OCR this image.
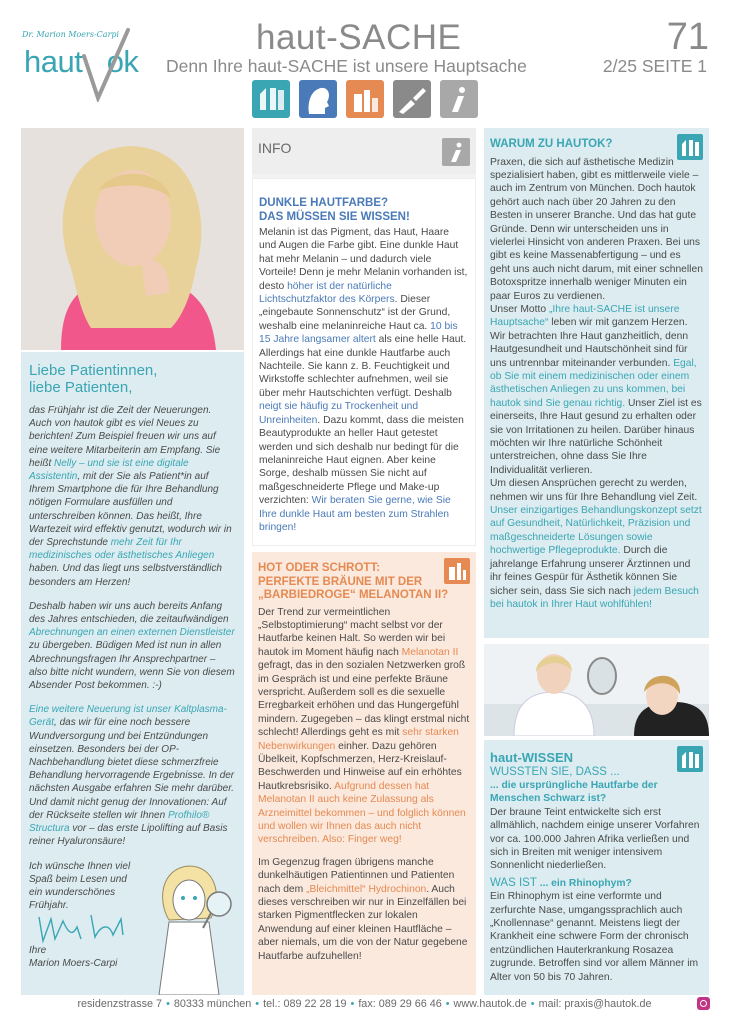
Dr. Marion Moers-Carpi
haut​   ok
haut-SACHE
Denn Ihre haut-SACHE ist unsere Hauptsache
71
2/25 SEITE 1
Liebe Patientinnen,
liebe Patienten,

das Frühjahr ist die Zeit der Neuerungen. Auch von hautok gibt es viel Neues zu berichten! Zum Beispiel freuen wir uns auf eine weitere Mitarbeiterin am Empfang. Sie heißt Nelly – und sie ist eine digitale Assistentin, mit der Sie als Patient*in auf Ihrem Smartphone die für Ihre Behandlung nötigen Formulare ausfüllen und unterschreiben können. Das heißt, Ihre Wartezeit wird effektiv genutzt, wodurch wir in der Sprechstunde mehr Zeit für Ihr medizinisches oder ästhetisches Anliegen haben. Und das liegt uns selbstverständlich besonders am Herzen!

Deshalb haben wir uns auch bereits Anfang des Jahres entschieden, die zeitaufwändigen Abrechnungen an einen externen Dienstleister zu übergeben. Büdigen Med ist nun in allen Abrechnungsfragen Ihr Ansprechpartner – also bitte nicht wundern, wenn Sie von diesem Absender Post bekommen. :-)

Eine weitere Neuerung ist unser Kaltplasma-Gerät, das wir für eine noch bessere Wundversorgung und bei Entzündungen einsetzen. Besonders bei der OP-Nachbehandlung bietet diese schmerzfreie Behandlung hervorragende Ergebnisse. In der nächsten Ausgabe erfahren Sie mehr darüber. Und damit nicht genug der Innovationen: Auf der Rückseite stellen wir Ihnen Profhilo® Structura vor – das erste Lipolifting auf Basis reiner Hyaluronsäure!

Ich wünsche Ihnen viel Spaß beim Lesen und ein wunderschönes Frühjahr.

Ihre
Marion Moers-Carpi
INFO
DUNKLE HAUTFARBE?
DAS MÜSSEN SIE WISSEN!

Melanin ist das Pigment, das Haut, Haare und Augen die Farbe gibt. Eine dunkle Haut hat mehr Melanin – und dadurch viele Vorteile! Denn je mehr Melanin vorhanden ist, desto höher ist der natürliche Lichtschutzfaktor des Körpers. Dieser „eingebaute Sonnenschutz“ ist der Grund, weshalb eine melaninreiche Haut ca. 10 bis 15 Jahre langsamer altert als eine helle Haut. Allerdings hat eine dunkle Hautfarbe auch Nachteile. Sie kann z. B. Feuchtigkeit und Wirkstoffe schlechter aufnehmen, weil sie über mehr Hautschichten verfügt. Deshalb neigt sie häufig zu Trockenheit und Unreinheiten. Dazu kommt, dass die meisten Beautyprodukte an heller Haut getestet werden und sich deshalb nur bedingt für die melaninreiche Haut eignen. Aber keine Sorge, deshalb müssen Sie nicht auf maßgeschneiderte Pflege und Make-up verzichten: Wir beraten Sie gerne, wie Sie Ihre dunkle Haut am besten zum Strahlen bringen!

HOT ODER SCHROTT:
PERFEKTE BRÄUNE MIT DER
„BARBIEDROGE“ MELANOTAN II?

Der Trend zur vermeintlichen „Selbstoptimierung“ macht selbst vor der Hautfarbe keinen Halt. So werden wir bei hautok im Moment häufig nach Melanotan II gefragt, das in den sozialen Netzwerken groß im Gespräch ist und eine perfekte Bräune verspricht. Außerdem soll es die sexuelle Erregbarkeit erhöhen und das Hungergefühl mindern. Zugegeben – das klingt erstmal nicht schlecht! Allerdings geht es mit sehr starken Nebenwirkungen einher. Dazu gehören Übelkeit, Kopfschmerzen, Herz-Kreislauf-Beschwerden und Hinweise auf ein erhöhtes Hautkrebsrisiko. Aufgrund dessen hat Melanotan II auch keine Zulassung als Arzneimittel bekommen – und folglich können und wollen wir Ihnen das auch nicht verschreiben. Also: Finger weg!

Im Gegenzug fragen übrigens manche dunkelhäutigen Patientinnen und Patienten nach dem „Bleichmittel“ Hydrochinon. Auch dieses verschreiben wir nur in Einzelfällen bei starken Pigmentflecken zur lokalen Anwendung auf einer kleinen Hautfläche – aber niemals, um die von der Natur gegebene Hautfarbe aufzuhellen!

WARUM ZU HAUTOK?

Praxen, die sich auf ästhetische Medizin spezialisiert haben, gibt es mittlerweile viele – auch im Zentrum von München. Doch hautok gehört auch nach über 20 Jahren zu den Besten in unserer Branche. Und das hat gute Gründe. Denn wir unterscheiden uns in vielerlei Hinsicht von anderen Praxen. Bei uns gibt es keine Massenabfertigung – und es geht uns auch nicht darum, mit einer schnellen Botoxspritze innerhalb weniger Minuten ein paar Euros zu verdienen.

Unser Motto „Ihre haut-SACHE ist unsere Hauptsache“ leben wir mit ganzem Herzen. Wir betrachten Ihre Haut ganzheitlich, denn Hautgesundheit und Hautschönheit sind für uns untrennbar miteinander verbunden. Egal, ob Sie mit einem medizinischen oder einem ästhetischen Anliegen zu uns kommen, bei hautok sind Sie genau richtig. Unser Ziel ist es einerseits, Ihre Haut gesund zu erhalten oder sie von Irritationen zu heilen. Darüber hinaus möchten wir Ihre natürliche Schönheit unterstreichen, ohne dass Sie Ihre Individualität verlieren.

Um diesen Ansprüchen gerecht zu werden, nehmen wir uns für Ihre Behandlung viel Zeit. Unser einzigartiges Behandlungskonzept setzt auf Gesundheit, Natürlichkeit, Präzision und maßgeschneiderte Lösungen sowie hochwertige Pflegeprodukte. Durch die jahrelange Erfahrung unserer Ärztinnen und ihr feines Gespür für Ästhetik können Sie sicher sein, dass Sie sich nach jedem Besuch bei hautok in Ihrer Haut wohlfühlen!

haut-WISSEN
WUSSTEN SIE, DASS ...
... die ursprüngliche Hautfarbe der Menschen Schwarz ist?

Der braune Teint entwickelte sich erst allmählich, nachdem einige unserer Vorfahren vor ca. 100.000 Jahren Afrika verließen und sich in Breiten mit weniger intensivem Sonnenlicht niederließen.

WAS IST ... ein Rhinophym?

Ein Rhinophym ist eine verformte und zerfurchte Nase, umgangssprachlich auch „Knollennase“ genannt. Meistens liegt der Krankheit eine schwere Form der chronisch entzündlichen Hauterkrankung Rosazea zugrunde. Betroffen sind vor allem Männer im Alter von 50 bis 70 Jahren.

residenzstrasse 7 • 80333 münchen • tel.: 089 22 28 19 • fax: 089 29 66 46 • www.hautok.de • mail: praxis@hautok.de
